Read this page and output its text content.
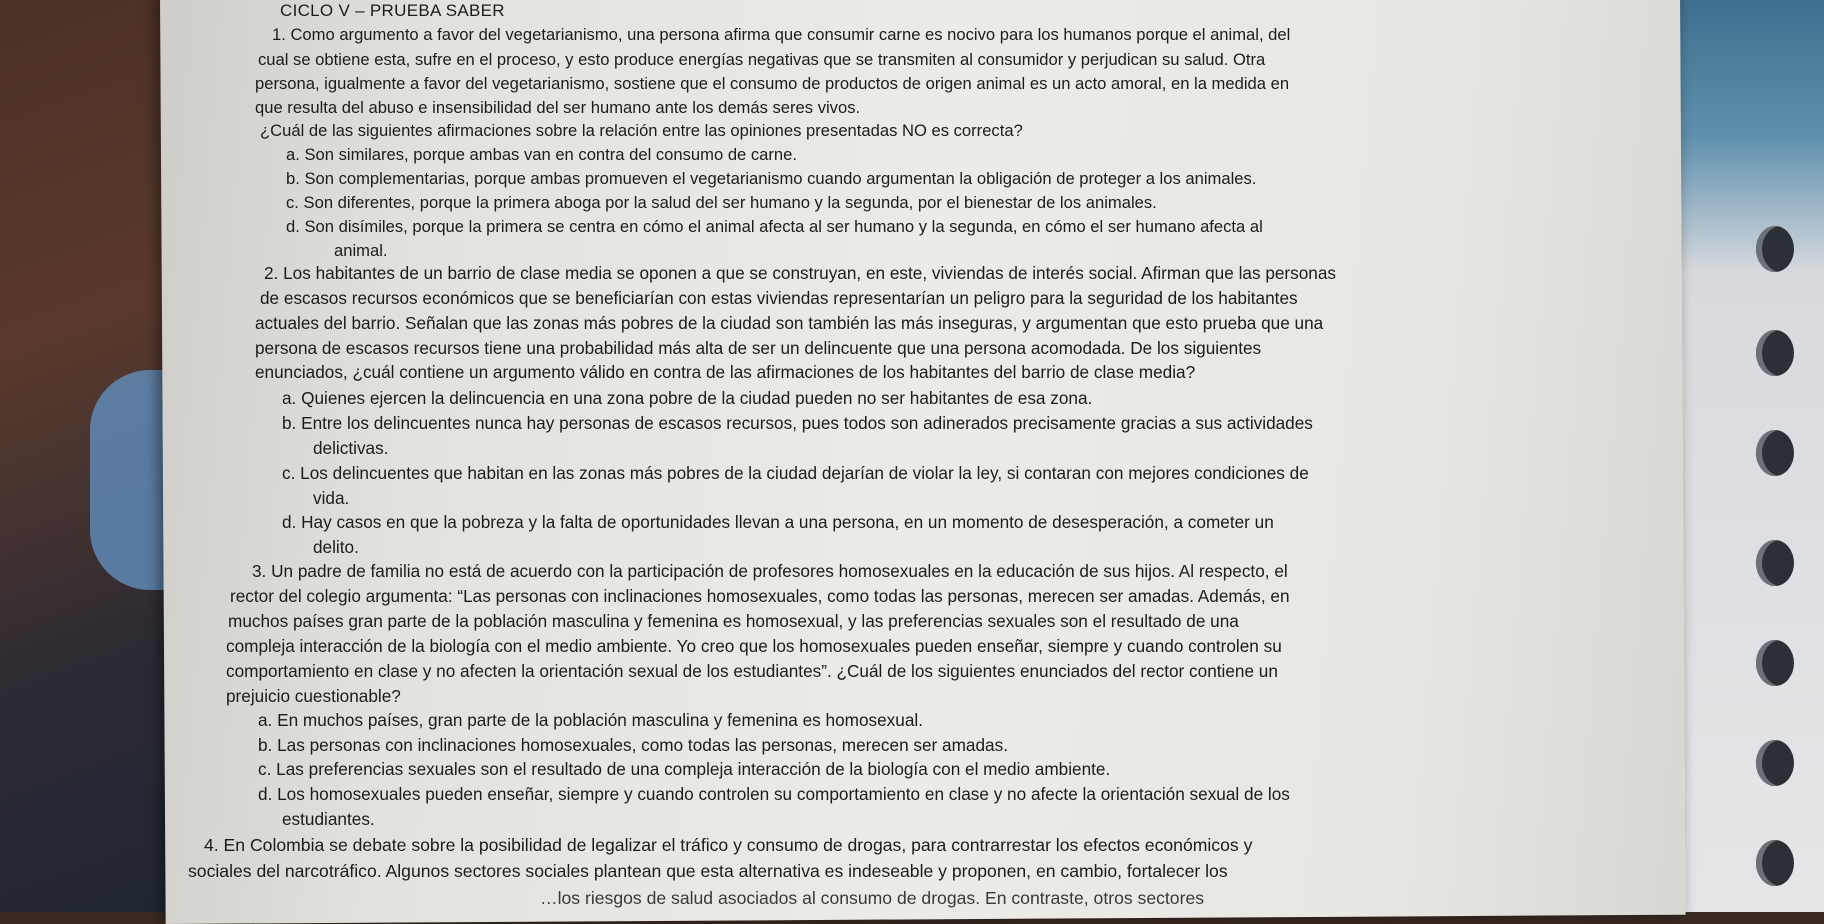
CICLO V – PRUEBA SABER
1. Como argumento a favor del vegetarianismo, una persona afirma que consumir carne es nocivo para los humanos porque el animal, del
cual se obtiene esta, sufre en el proceso, y esto produce energías negativas que se transmiten al consumidor y perjudican su salud. Otra
persona, igualmente a favor del vegetarianismo, sostiene que el consumo de productos de origen animal es un acto amoral, en la medida en
que resulta del abuso e insensibilidad del ser humano ante los demás seres vivos.
¿Cuál de las siguientes afirmaciones sobre la relación entre las opiniones presentadas NO es correcta?
a. Son similares, porque ambas van en contra del consumo de carne.
b. Son complementarias, porque ambas promueven el vegetarianismo cuando argumentan la obligación de proteger a los animales.
c. Son diferentes, porque la primera aboga por la salud del ser humano y la segunda, por el bienestar de los animales.
d. Son disímiles, porque la primera se centra en cómo el animal afecta al ser humano y la segunda, en cómo el ser humano afecta al
animal.
2. Los habitantes de un barrio de clase media se oponen a que se construyan, en este, viviendas de interés social. Afirman que las personas
de escasos recursos económicos que se beneficiarían con estas viviendas representarían un peligro para la seguridad de los habitantes
actuales del barrio. Señalan que las zonas más pobres de la ciudad son también las más inseguras, y argumentan que esto prueba que una
persona de escasos recursos tiene una probabilidad más alta de ser un delincuente que una persona acomodada. De los siguientes
enunciados, ¿cuál contiene un argumento válido en contra de las afirmaciones de los habitantes del barrio de clase media?
a. Quienes ejercen la delincuencia en una zona pobre de la ciudad pueden no ser habitantes de esa zona.
b. Entre los delincuentes nunca hay personas de escasos recursos, pues todos son adinerados precisamente gracias a sus actividades
delictivas.
c. Los delincuentes que habitan en las zonas más pobres de la ciudad dejarían de violar la ley, si contaran con mejores condiciones de
vida.
d. Hay casos en que la pobreza y la falta de oportunidades llevan a una persona, en un momento de desesperación, a cometer un
delito.
3. Un padre de familia no está de acuerdo con la participación de profesores homosexuales en la educación de sus hijos. Al respecto, el
rector del colegio argumenta: “Las personas con inclinaciones homosexuales, como todas las personas, merecen ser amadas. Además, en
muchos países gran parte de la población masculina y femenina es homosexual, y las preferencias sexuales son el resultado de una
compleja interacción de la biología con el medio ambiente. Yo creo que los homosexuales pueden enseñar, siempre y cuando controlen su
comportamiento en clase y no afecten la orientación sexual de los estudiantes”. ¿Cuál de los siguientes enunciados del rector contiene un
prejuicio cuestionable?
a. En muchos países, gran parte de la población masculina y femenina es homosexual.
b. Las personas con inclinaciones homosexuales, como todas las personas, merecen ser amadas.
c. Las preferencias sexuales son el resultado de una compleja interacción de la biología con el medio ambiente.
d. Los homosexuales pueden enseñar, siempre y cuando controlen su comportamiento en clase y no afecte la orientación sexual de los
estudiantes.
4. En Colombia se debate sobre la posibilidad de legalizar el tráfico y consumo de drogas, para contrarrestar los efectos económicos y
sociales del narcotráfico. Algunos sectores sociales plantean que esta alternativa es indeseable y proponen, en cambio, fortalecer los
…los riesgos de salud asociados al consumo de drogas. En contraste, otros sectores
